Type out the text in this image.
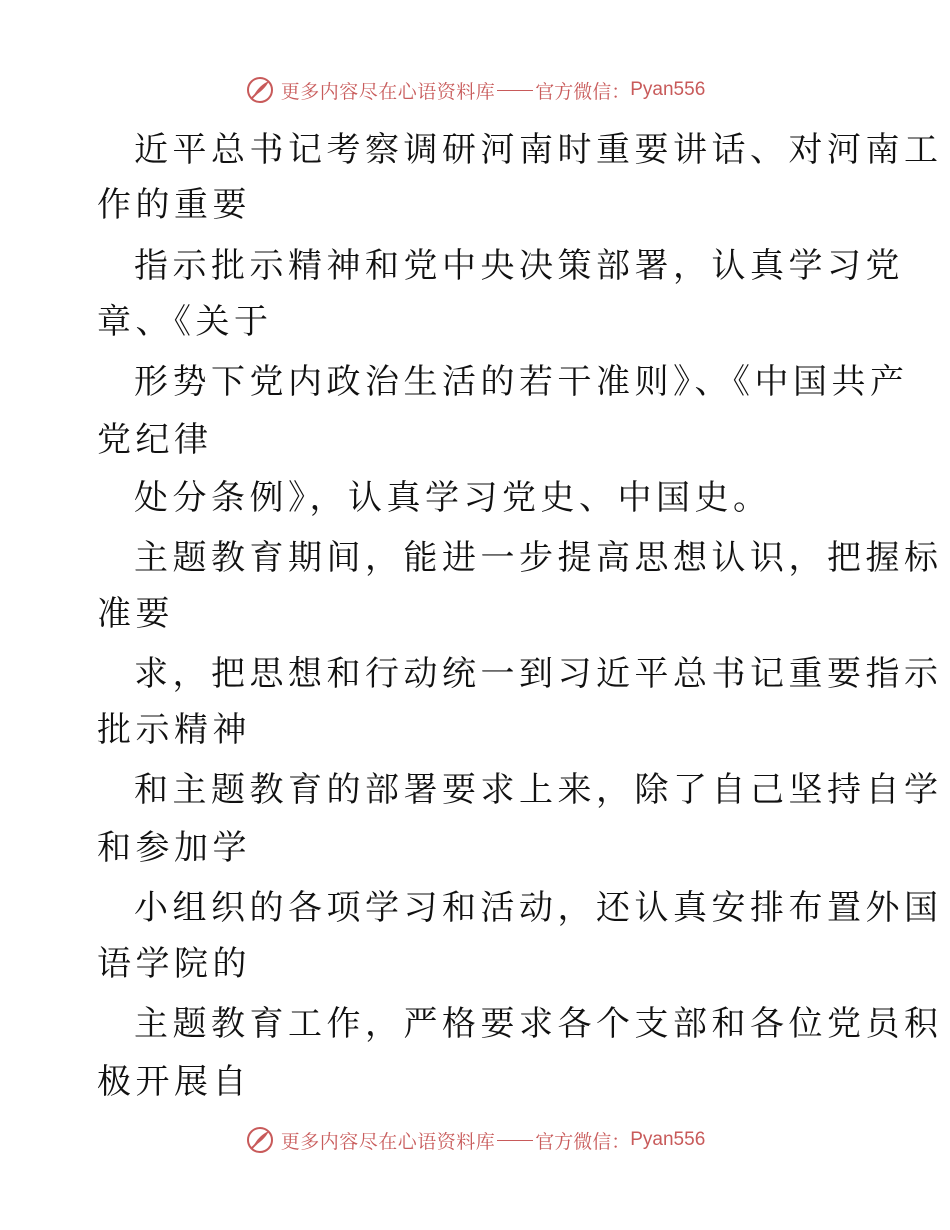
更多内容尽在心语资料库 官方微信： Pyan556
近平总书记考察调研河南时重要讲话、对河南工
作的重要
指示批示精神和党中央决策部署，认真学习党
章、《关于
形势下党内政治生活的若干准则》、《中国共产
党纪律
处分条例》，认真学习党史、中国史。
主题教育期间，能进一步提高思想认识，把握标
准要
求，把思想和行动统一到习近平总书记重要指示
批示精神
和主题教育的部署要求上来，除了自己坚持自学
和参加学
小组织的各项学习和活动，还认真安排布置外国
语学院的
主题教育工作，严格要求各个支部和各位党员积
极开展自
更多内容尽在心语资料库 官方微信： Pyan556
